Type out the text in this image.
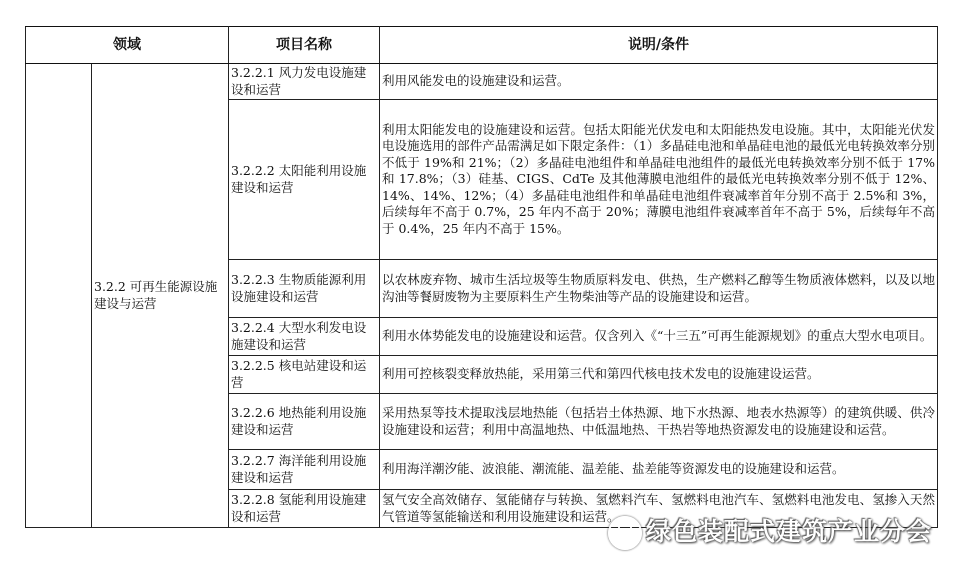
领域		项目名称	说明/条件
	3.2.2 可再生能源设施建设与运营	3.2.2.1 风力发电设施建设和运营	利用风能发电的设施建设和运营。
		3.2.2.2 太阳能利用设施建设和运营	利用太阳能发电的设施建设和运营。包括太阳能光伏发电和太阳能热发电设施。其中，太阳能光伏发电设施选用的部件产品需满足如下限定条件：（1）多晶硅电池和单晶硅电池的最低光电转换效率分别不低于 19%和 21%；（2）多晶硅电池组件和单晶硅电池组件的最低光电转换效率分别不低于 17%和 17.8%；（3）硅基、CIGS、CdTe 及其他薄膜电池组件的最低光电转换效率分别不低于 12%、14%、14%、12%；（4）多晶硅电池组件和单晶硅电池组件衰减率首年分别不高于 2.5%和 3%，后续每年不高于 0.7%，25 年内不高于 20%；薄膜电池组件衰减率首年不高于 5%，后续每年不高于 0.4%，25 年内不高于 15%。
		3.2.2.3 生物质能源利用设施建设和运营	以农林废弃物、城市生活垃圾等生物质原料发电、供热，生产燃料乙醇等生物质液体燃料，以及以地沟油等餐厨废物为主要原料生产生物柴油等产品的设施建设和运营。
		3.2.2.4 大型水利发电设施建设和运营	利用水体势能发电的设施建设和运营。仅含列入《“十三五”可再生能源规划》的重点大型水电项目。
		3.2.2.5 核电站建设和运营	利用可控核裂变释放热能，采用第三代和第四代核电技术发电的设施建设运营。
		3.2.2.6 地热能利用设施建设和运营	采用热泵等技术提取浅层地热能（包括岩土体热源、地下水热源、地表水热源等）的建筑供暖、供冷设施建设和运营；利用中高温地热、中低温地热、干热岩等地热资源发电的设施建设和运营。
		3.2.2.7 海洋能利用设施建设和运营	利用海洋潮汐能、波浪能、潮流能、温差能、盐差能等资源发电的设施建设和运营。
		3.2.2.8 氢能利用设施建设和运营	氢气安全高效储存、氢能储存与转换、氢燃料汽车、氢燃料电池汽车、氢燃料电池发电、氢掺入天然气管道等氢能输送和利用设施建设和运营。
绿色装配式建筑产业分会
